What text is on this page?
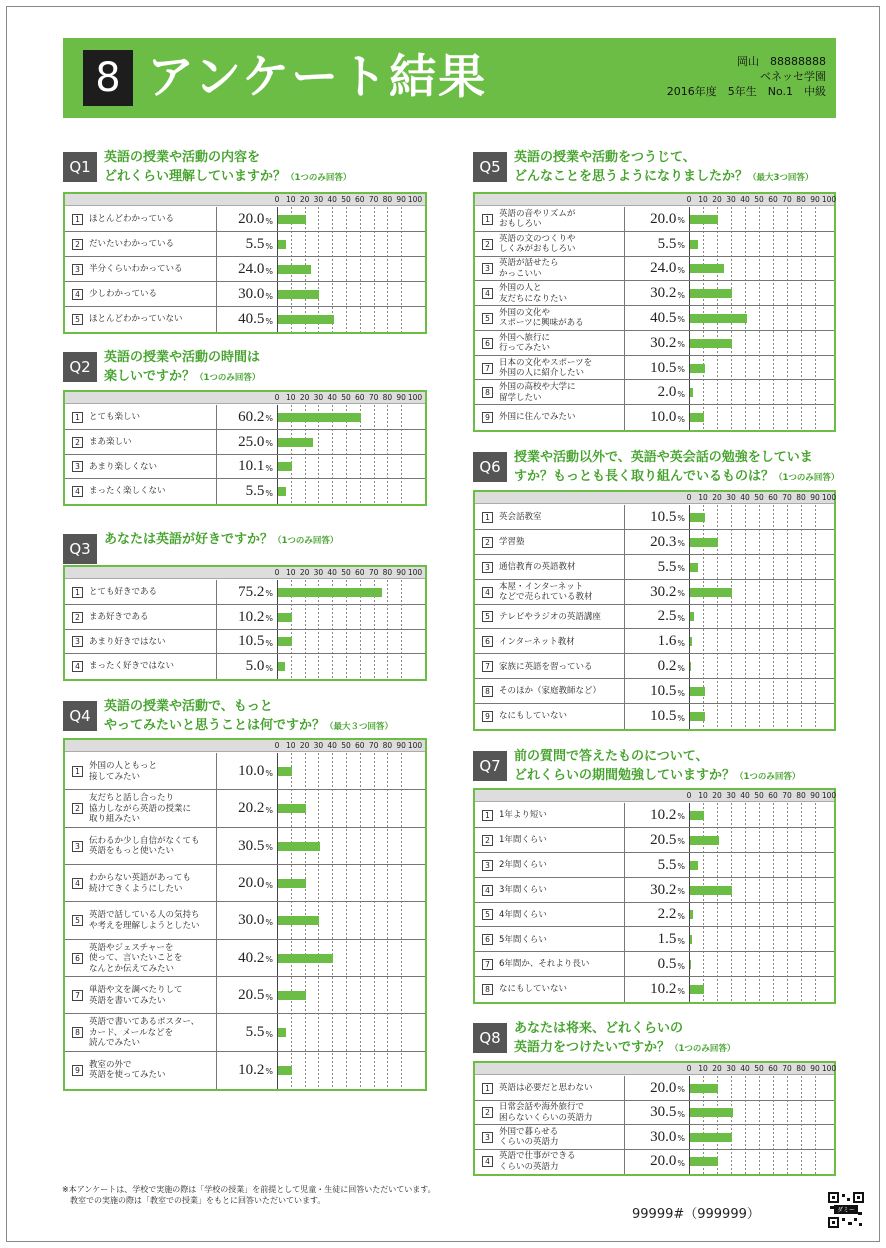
8 アンケート結果	岡山　88888888
ベネッセ学園
2016年度　5年生　No.1　中級
Q1
英語の授業や活動の内容を
どれくらい理解していますか？（1つのみ回答）
0 10 20 30 40 50 60 70 80 90 100
1	ほとんどわかっている	20.0 %
2	だいたいわかっている	5.5 %
3	半分くらいわかっている	24.0 %
4	少しわかっている	30.0 %
5	ほとんどわかっていない	40.5 %
Q2
英語の授業や活動の時間は
楽しいですか？（1つのみ回答）
0 10 20 30 40 50 60 70 80 90 100
1	とても楽しい	60.2 %
2	まあ楽しい	25.0 %
3	あまり楽しくない	10.1 %
4	まったく楽しくない	5.5 %
Q3
あなたは英語が好きですか？（1つのみ回答）
0 10 20 30 40 50 60 70 80 90 100
1	とても好きである	75.2 %
2	まあ好きである	10.2 %
3	あまり好きではない	10.5 %
4	まったく好きではない	5.0 %
Q4
英語の授業や活動で、もっと
やってみたいと思うことは何ですか？（最大３つ回答）
0 10 20 30 40 50 60 70 80 90 100
1
外国の人ともっと
接してみたい	10.0 %
2
友だちと話し合ったり
協力しながら英語の授業に
取り組みたい
20.2 %
3
伝わるか少し自信がなくても
英語をもっと使いたい	30.5 %
4
わからない英語があっても
続けてきくようにしたい	20.0 %
5
英語で話している人の気持ち
や考えを理解しようとしたい	30.0 %
6
英語やジェスチャーを
使って、言いたいことを
なんとか伝えてみたい
40.2 %
7
単語や文を調べたりして
英語を書いてみたい	20.5 %
8
英語で書いてあるポスター、
カード、メールなどを
読んでみたい
5.5 %
9
教室の外で
英語を使ってみたい	10.2 %
Q5
英語の授業や活動をつうじて、
どんなことを思うようになりましたか？（最大3つ回答）
0 10 20 30 40 50 60 70 80 90 100
1
英語の音やリズムが
おもしろい	20.0 %
2
英語の文のつくりや
しくみがおもしろい	5.5 %
3
英語が話せたら
かっこいい	24.0 %
4
外国の人と
友だちになりたい	30.2 %
5
外国の文化や
スポーツに興味がある	40.5 %
6
外国へ旅行に
行ってみたい	30.2 %
7
日本の文化やスポーツを
外国の人に紹介したい	10.5 %
8
外国の高校や大学に
留学したい	2.0 %
9	外国に住んでみたい	10.0 %
Q6
授業や活動以外で、英語や英会話の勉強をしていま
すか？もっとも長く取り組んでいるものは？（1つのみ回答）
0 10 20 30 40 50 60 70 80 90 100
1	英会話教室	10.5 %
2	学習塾	20.3 %
3	通信教育の英語教材	5.5 %
4
本屋・インターネット
などで売られている教材	30.2 %
5	テレビやラジオの英語講座	2.5 %
6	インターネット教材	1.6 %
7	家族に英語を習っている	0.2 %
8	そのほか（家庭教師など）	10.5 %
9	なにもしていない	10.5 %
Q7
前の質問で答えたものについて、
どれくらいの期間勉強していますか？（1つのみ回答）
0 10 20 30 40 50 60 70 80 90 100
1	1年より短い	10.2 %
2	1年間くらい	20.5 %
3	2年間くらい	5.5 %
4	3年間くらい	30.2 %
5	4年間くらい	2.2 %
6	5年間くらい	1.5 %
7	6年間か、それより長い	0.5 %
8	なにもしていない	10.2 %
Q8
あなたは将来、どれくらいの
英語力をつけたいですか？（1つのみ回答）
0 10 20 30 40 50 60 70 80 90 100
1	英語は必要だと思わない	20.0 %
2
日常会話や海外旅行で
困らないくらいの英語力	30.5 %
3
外国で暮らせる
くらいの英語力	30.0 %
4
英語で仕事ができる
くらいの英語力	20.0 %
※本アンケートは、学校で実施の際は「学校の授業」を前提として児童・生徒に回答いただいています。
　教室での実施の際は「教室での授業」をもとに回答いただいています。
99999#（999999）	ダミー
